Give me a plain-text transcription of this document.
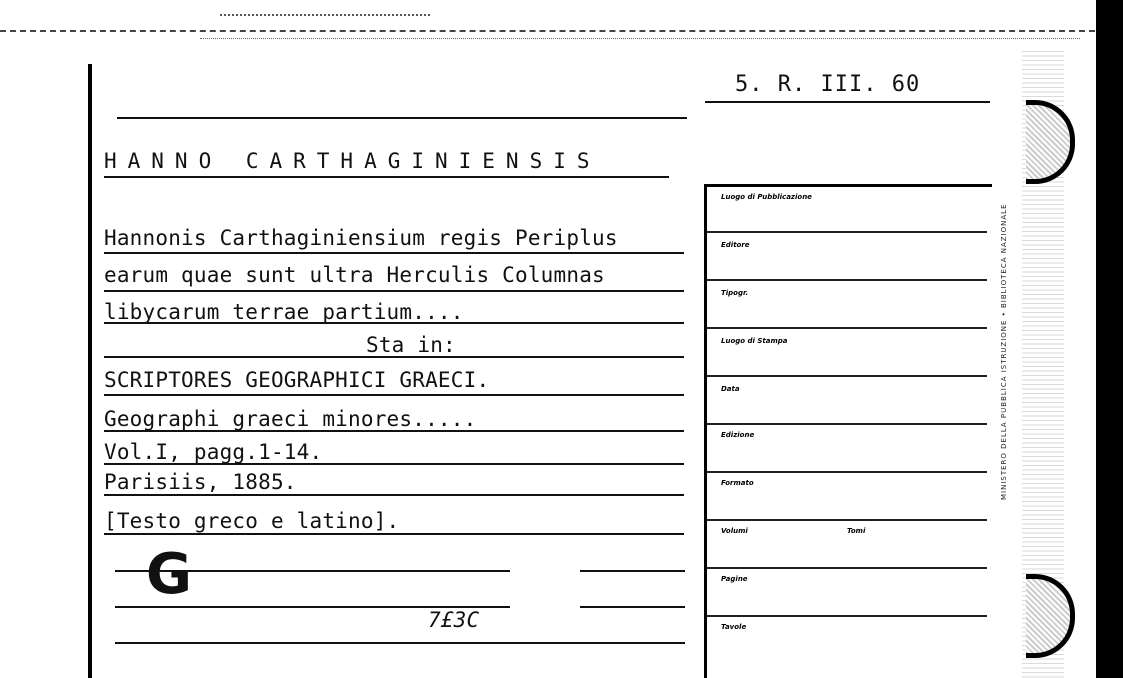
MINISTERO DELLA PUBBLICA ISTRUZIONE • BIBLIOTECA NAZIONALE
5. R. III. 60
HANNO CARTHAGINIENSIS
Hannonis Carthaginiensium regis Periplus
earum quae sunt ultra Herculis Columnas
libycarum terrae partium....
Sta in:
SCRIPTORES GEOGRAPHICI GRAECI.
Geographi graeci minores.....
Vol.I, pagg.1-14.
Parisiis, 1885.
[Testo greco e latino].
G
7£3C
Luogo di Pubblicazione
Editore
Tipogr.
Luogo di Stampa
Data
Edizione
Formato
Volumi	Tomi
Pagine
Tavole
